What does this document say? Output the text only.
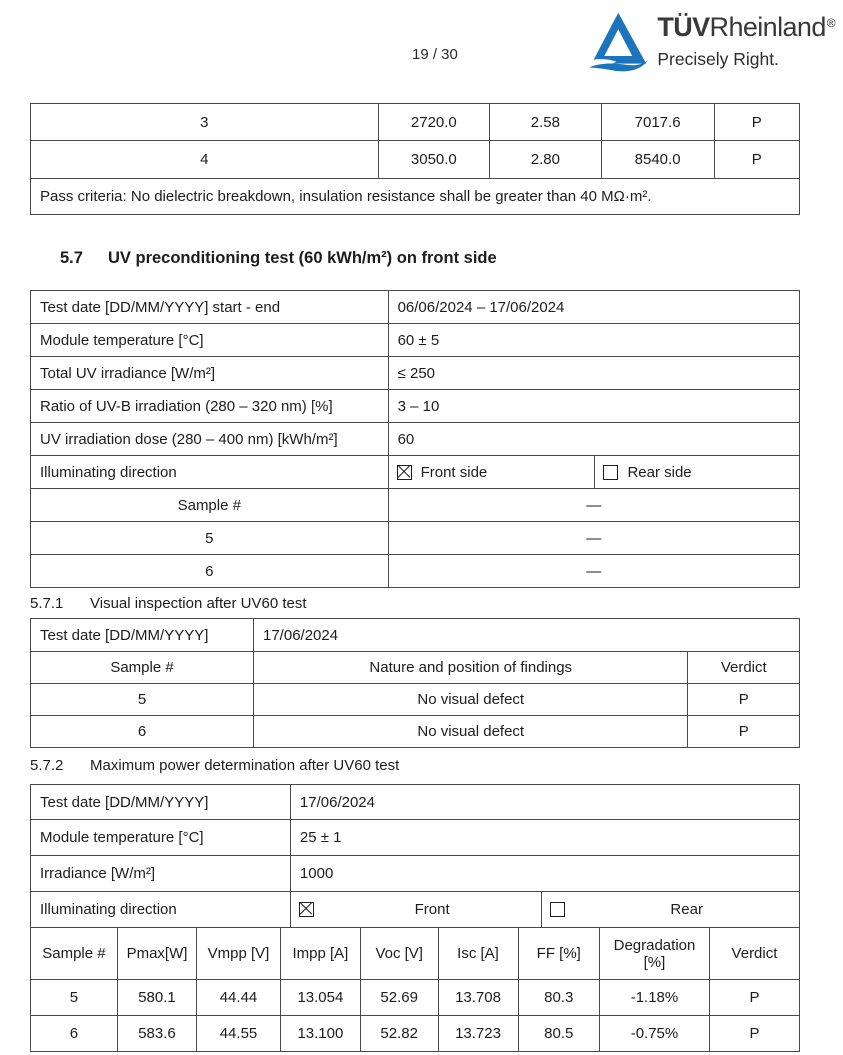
19 / 30
TÜVRheinland®
Precisely Right.
3	2720.0	2.58	7017.6	P
4	3050.0	2.80	8540.0	P
Pass criteria: No dielectric breakdown, insulation resistance shall be greater than 40 MΩ·m².				
5.7 UV preconditioning test (60 kWh/m²) on front side
Test date [DD/MM/YYYY] start - end	06/06/2024 – 17/06/2024	
Module temperature [°C]	60 ± 5	
Total UV irradiance [W/m²]	≤ 250	
Ratio of UV-B irradiation (280 – 320 nm) [%]	3 – 10	
UV irradiation dose (280 – 400 nm) [kWh/m²]	60	
Illuminating direction	Front side	Rear side

Sample #	—	
5	—	
6	—	
5.7.1 Visual inspection after UV60 test
Test date [DD/MM/YYYY]	17/06/2024	
Sample #	Nature and position of findings	Verdict
5	No visual defect	P
6	No visual defect	P
5.7.2 Maximum power determination after UV60 test
Test date [DD/MM/YYYY]	17/06/2024	
Module temperature [°C]	25 ± 1	
Irradiance [W/m²]	1000	
Illuminating direction	Front	Rear
Sample #	Pmax[W]	Vmpp [V]	Impp [A]	Voc [V]	Isc [A]	FF [%]	Degradation [%]	Verdict
5	580.1	44.44	13.054	52.69	13.708	80.3	-1.18%	P
6	583.6	44.55	13.100	52.82	13.723	80.5	-0.75%	P
